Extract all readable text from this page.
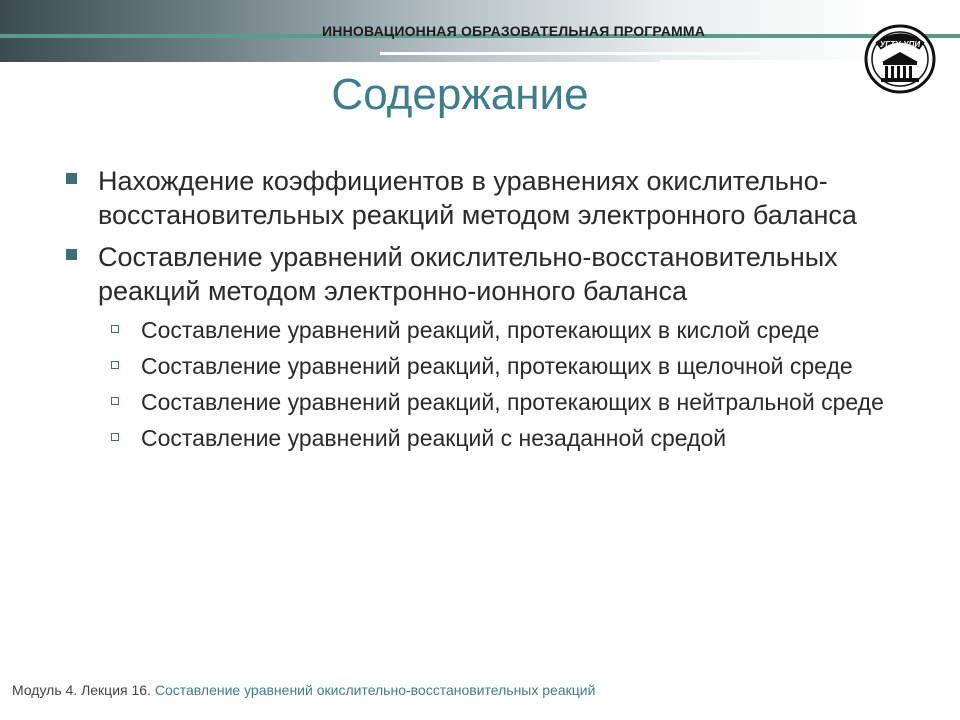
ИННОВАЦИОННАЯ ОБРАЗОВАТЕЛЬНАЯ ПРОГРАММА
УГТУ-УПИ
Содержание
Нахождение коэффициентов в уравнениях окислительно-восстановительных реакций методом электронного баланса
Составление уравнений окислительно-восстановительных реакций методом электронно-ионного баланса
Составление уравнений реакций, протекающих в кислой среде
Составление уравнений реакций, протекающих в щелочной среде
Составление уравнений реакций, протекающих в нейтральной среде
Составление уравнений реакций с незаданной средой
Модуль 4. Лекция 16. Составление уравнений окислительно-восстановительных реакций
